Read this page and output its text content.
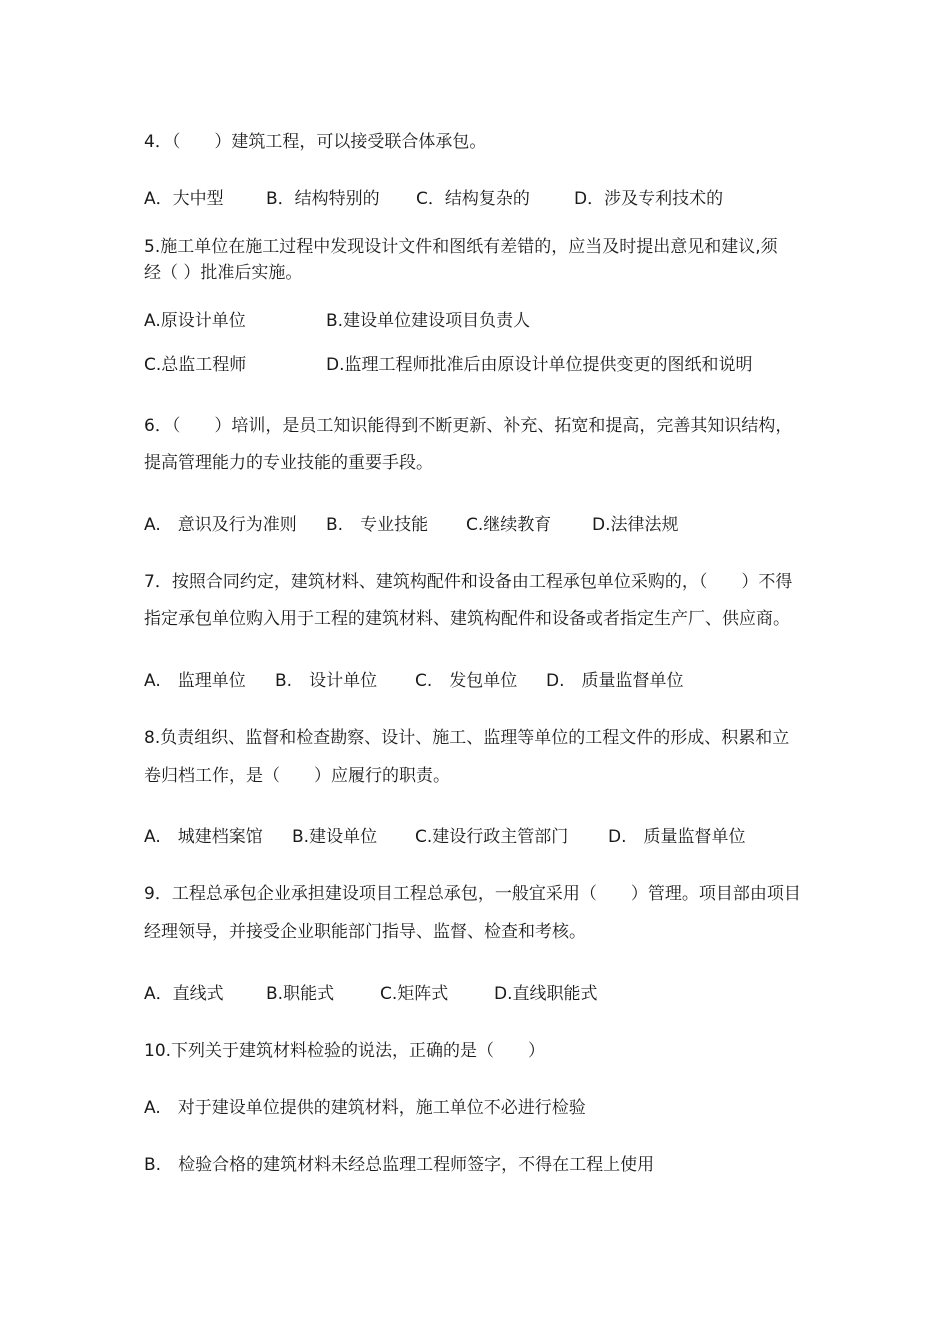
4．（　　）建筑工程，可以接受联合体承包。
A．大中型 B．结构特别的 C．结构复杂的	D．涉及专利技术的
5.施工单位在施工过程中发现设计文件和图纸有差错的，应当及时提出意见和建议,须
经（ ）批准后实施。
A.原设计单位	B.建设单位建设项目负责人
C.总监工程师	D.监理工程师批准后由原设计单位提供变更的图纸和说明
6．（　　）培训，是员工知识能得到不断更新、补充、拓宽和提高，完善其知识结构，
提高管理能力的专业技能的重要手段。
A.　意识及行为准则 B.　专业技能 C.继续教育 D.法律法规
7．按照合同约定，建筑材料、建筑构配件和设备由工程承包单位采购的，（　　）不得
指定承包单位购入用于工程的建筑材料、建筑构配件和设备或者指定生产厂、供应商。
A.　监理单位 B.　设计单位 C.　发包单位 D.　质量监督单位
8.负责组织、监督和检查勘察、设计、施工、监理等单位的工程文件的形成、积累和立
卷归档工作，是（　　）应履行的职责。
A.　城建档案馆 B.建设单位 C.建设行政主管部门 D.　质量监督单位
9．工程总承包企业承担建设项目工程总承包，一般宜采用（　　）管理。项目部由项目
经理领导，并接受企业职能部门指导、监督、检查和考核。
A．直线式 B.职能式	C.矩阵式	D.直线职能式
10.下列关于建筑材料检验的说法，正确的是（　　）
A.　对于建设单位提供的建筑材料，施工单位不必进行检验
B.　检验合格的建筑材料未经总监理工程师签字，不得在工程上使用
